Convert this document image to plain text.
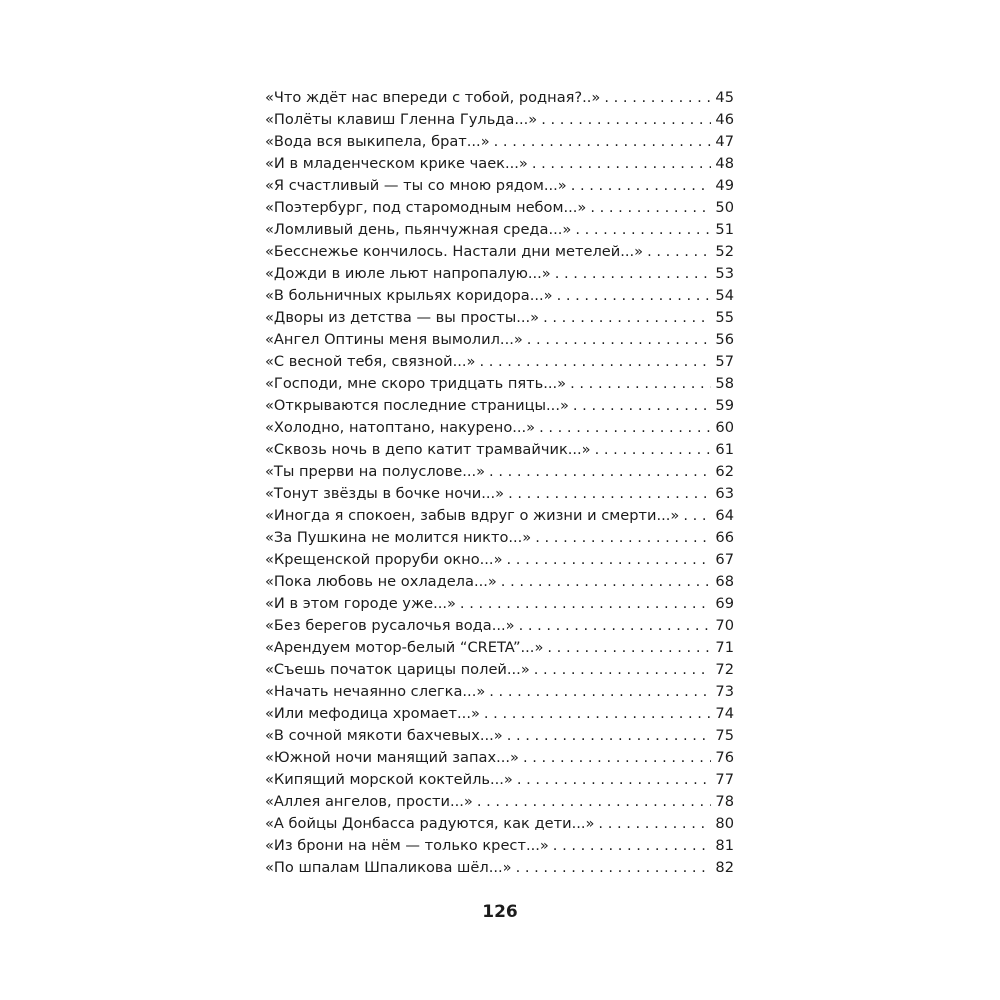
«Что ждёт нас впереди с тобой, родная?..» . . .	45
«Полёты клавиш Гленна Гульда...» . . .	46
«Вода вся выкипела, брат...» . . .	47
«И в младенческом крике чаек...» . . .	48
«Я счастливый — ты со мною рядом...» . . .	49
«Поэтербург, под старомодным небом...» . . .	50
«Ломливый день, пьянчужная среда...» . . .	51
«Бесснежье кончилось. Настали дни метелей...» . . .	52
«Дожди в июле льют напропалую...» . . .	53
«В больничных крыльях коридора...» . . .	54
«Дворы из детства — вы просты...» . . .	55
«Ангел Оптины меня вымолил...» . . .	56
«С весной тебя, связной...» . . .	57
«Господи, мне скоро тридцать пять...» . . .	58
«Открываются последние страницы...» . . .	59
«Холодно, натоптано, накурено...» . . .	60
«Сквозь ночь в депо катит трамвайчик...» . . .	61
«Ты прерви на полуслове...» . . .	62
«Тонут звёзды в бочке ночи...» . . .	63
«Иногда я спокоен, забыв вдруг о жизни и смерти...» . . . 64
«За Пушкина не молится никто...» . . .	66
«Крещенской проруби окно...» . . .	67
«Пока любовь не охладела...» . . .	68
«И в этом городе уже...» . . .	69
«Без берегов русалочья вода...» . . .	70
«Арендуем мотор-белый “CRETA”...» . . .	71
«Съешь початок царицы полей...» . . .	72
«Начать нечаянно слегка...» . . .	73
«Или мефодица хромает...» . . .	74
«В сочной мякоти бахчевых...» . . .	75
«Южной ночи манящий запах...» . . .	76
«Кипящий морской коктейль...» . . .	77
«Аллея ангелов, прости...» . . .	78
«А бойцы Донбасса радуются, как дети...» . . .	80
«Из брони на нём — только крест...» . . .	81
«По шпалам Шпаликова шёл...» . . .	82
126
